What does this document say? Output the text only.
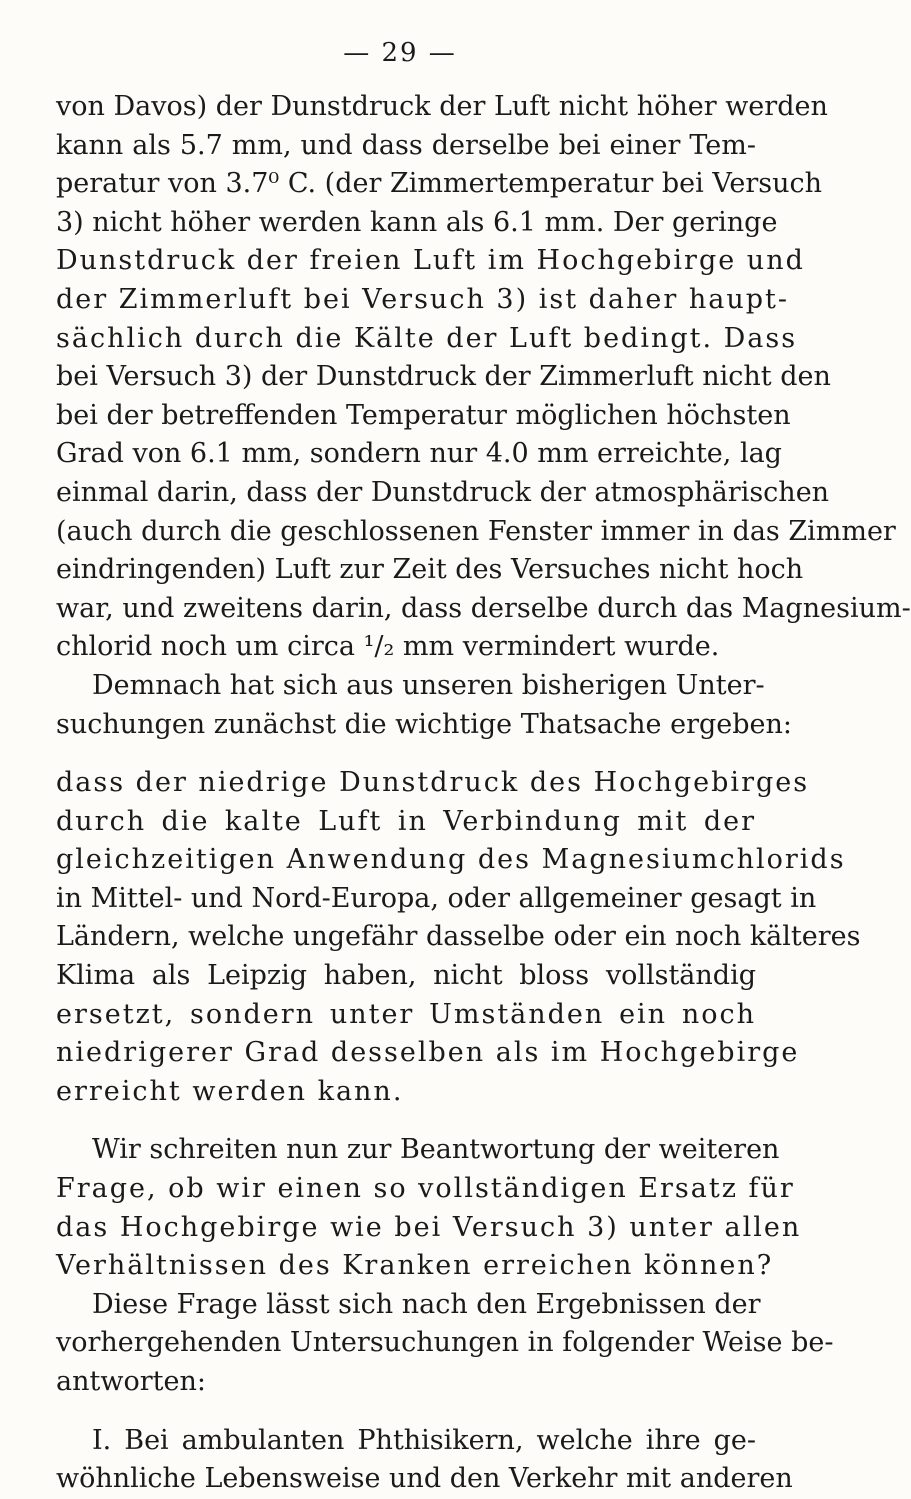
— 29 —
von Davos) der Dunstdruck der Luft nicht höher werden
kann als 5.7 mm, und dass derselbe bei einer Tem-
peratur von 3.7⁰ C. (der Zimmertemperatur bei Versuch
3) nicht höher werden kann als 6.1 mm. Der geringe
Dunstdruck der freien Luft im Hochgebirge und
der Zimmerluft bei Versuch 3) ist daher haupt-
sächlich durch die Kälte der Luft bedingt. Dass
bei Versuch 3) der Dunstdruck der Zimmerluft nicht den
bei der betreffenden Temperatur möglichen höchsten
Grad von 6.1 mm, sondern nur 4.0 mm erreichte, lag
einmal darin, dass der Dunstdruck der atmosphärischen
(auch durch die geschlossenen Fenster immer in das Zimmer
eindringenden) Luft zur Zeit des Versuches nicht hoch
war, und zweitens darin, dass derselbe durch das Magnesium-
chlorid noch um circa ¹/₂ mm vermindert wurde.
Demnach hat sich aus unseren bisherigen Unter-
suchungen zunächst die wichtige Thatsache ergeben:
dass der niedrige Dunstdruck des Hochgebirges
durch die kalte Luft in Verbindung mit der
gleichzeitigen Anwendung des Magnesiumchlorids
in Mittel- und Nord-Europa, oder allgemeiner gesagt in
Ländern, welche ungefähr dasselbe oder ein noch kälteres
Klima als Leipzig haben, nicht bloss vollständig
ersetzt, sondern unter Umständen ein noch
niedrigerer Grad desselben als im Hochgebirge
erreicht werden kann.
Wir schreiten nun zur Beantwortung der weiteren
Frage, ob wir einen so vollständigen Ersatz für
das Hochgebirge wie bei Versuch 3) unter allen
Verhältnissen des Kranken erreichen können?
Diese Frage lässt sich nach den Ergebnissen der
vorhergehenden Untersuchungen in folgender Weise be-
antworten:
I. Bei ambulanten Phthisikern, welche ihre ge-
wöhnliche Lebensweise und den Verkehr mit anderen
